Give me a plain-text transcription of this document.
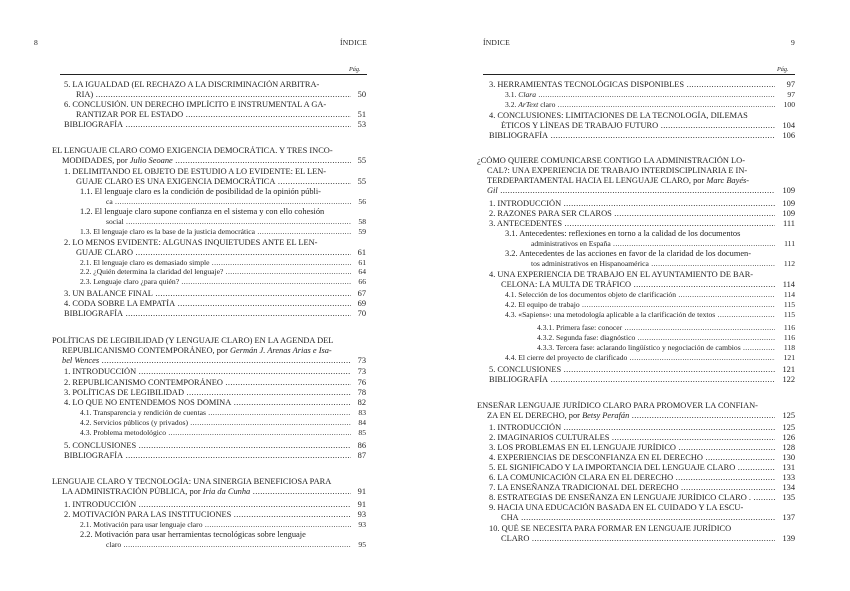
8	ÍNDICE
Pág.
5. LA IGUALDAD (EL RECHAZO A LA DISCRIMINACIÓN ARBITRA-
RIA) .....	50
6. CONCLUSIÓN. UN DERECHO IMPLÍCITO E INSTRUMENTAL A GA-
RANTIZAR POR EL ESTADO .....	51
BIBLIOGRAFÍA .....	53
EL LENGUAJE CLARO COMO EXIGENCIA DEMOCRÁTICA. Y TRES INCO-
MODIDADES, por Julio Seoane .....	55
1. DELIMITANDO EL OBJETO DE ESTUDIO A LO EVIDENTE: EL LEN-
GUAJE CLARO ES UNA EXIGENCIA DEMOCRÁTICA .....	55
1.1. El lenguaje claro es la condición de posibilidad de la opinión públi-
ca .....	56
1.2. El lenguaje claro supone confianza en el sistema y con ello cohesión
social .....	58
1.3. El lenguaje claro es la base de la justicia democrática .....	59
2. LO MENOS EVIDENTE: ALGUNAS INQUIETUDES ANTE EL LEN-
GUAJE CLARO .....	61
2.1. El lenguaje claro es demasiado simple .....	61
2.2. ¿Quién determina la claridad del lenguaje? .....	64
2.3. Lenguaje claro ¿para quién? .....	66
3. UN BALANCE FINAL .....	67
4. CODA SOBRE LA EMPATÍA .....	69
BIBLIOGRAFÍA .....	70
POLÍTICAS DE LEGIBILIDAD (Y LENGUAJE CLARO) EN LA AGENDA DEL
REPUBLICANISMO CONTEMPORÁNEO, por Germán J. Arenas Arias e Isa-
bel Wences .....	73
1. INTRODUCCIÓN .....	73
2. REPUBLICANISMO CONTEMPORÁNEO .....	76
3. POLÍTICAS DE LEGIBILIDAD .....	78
4. LO QUE NO ENTENDEMOS NOS DOMINA .....	82
4.1. Transparencia y rendición de cuentas .....	83
4.2. Servicios públicos (y privados) .....	84
4.3. Problema metodológico .....	85
5. CONCLUSIONES .....	86
BIBLIOGRAFÍA .....	87
LENGUAJE CLARO Y TECNOLOGÍA: UNA SINERGIA BENEFICIOSA PARA
LA ADMINISTRACIÓN PÚBLICA, por Iria da Cunha .....	91
1. INTRODUCCIÓN .....	91
2. MOTIVACIÓN PARA LAS INSTITUCIONES .....	93
2.1. Motivación para usar lenguaje claro .....	93
2.2. Motivación para usar herramientas tecnológicas sobre lenguaje
claro .....	95
ÍNDICE	9
Pág.
3. HERRAMIENTAS TECNOLÓGICAS DISPONIBLES .....	97
3.1. Clara .....	97
3.2. ArText claro .....	100
4. CONCLUSIONES: LIMITACIONES DE LA TECNOLOGÍA, DILEMAS
ÉTICOS Y LÍNEAS DE TRABAJO FUTURO .....	104
BIBLIOGRAFÍA .....	106
¿CÓMO QUIERE COMUNICARSE CONTIGO LA ADMINISTRACIÓN LO-
CAL?: UNA EXPERIENCIA DE TRABAJO INTERDISCIPLINARIA E IN-
TERDEPARTAMENTAL HACIA EL LENGUAJE CLARO, por Marc Bayés-
Gil .....	109
1. INTRODUCCIÓN .....	109
2. RAZONES PARA SER CLAROS .....	109
3. ANTECEDENTES .....	111
3.1. Antecedentes: reflexiones en torno a la calidad de los documentos
administrativos en España .....	111
3.2. Antecedentes de las acciones en favor de la claridad de los documen-
tos administrativos en Hispanoamérica .....	112
4. UNA EXPERIENCIA DE TRABAJO EN EL AYUNTAMIENTO DE BAR-
CELONA: LA MULTA DE TRÁFICO .....	114
4.1. Selección de los documentos objeto de clarificación .....	114
4.2. El equipo de trabajo .....	115
4.3. «Sapiens»: una metodología aplicable a la clarificación de textos .....	115
4.3.1. Primera fase: conocer .....	116
4.3.2. Segunda fase: diagnóstico .....	116
4.3.3. Tercera fase: aclarando lingüístico y negociación de cambios .....	118
4.4. El cierre del proyecto de clarificado .....	121
5. CONCLUSIONES .....	121
BIBLIOGRAFÍA .....	122
ENSEÑAR LENGUAJE JURÍDICO CLARO PARA PROMOVER LA CONFIAN-
ZA EN EL DERECHO, por Betsy Perafán .....	125
1. INTRODUCCIÓN .....	125
2. IMAGINARIOS CULTURALES .....	126
3. LOS PROBLEMAS EN EL LENGUAJE JURÍDICO .....	128
4. EXPERIENCIAS DE DESCONFIANZA EN EL DERECHO .....	130
5. EL SIGNIFICADO Y LA IMPORTANCIA DEL LENGUAJE CLARO .....	131
6. LA COMUNICACIÓN CLARA EN EL DERECHO .....	133
7. LA ENSEÑANZA TRADICIONAL DEL DERECHO .....	134
8. ESTRATEGIAS DE ENSEÑANZA EN LENGUAJE JURÍDICO CLARO . .....	135
9. HACIA UNA EDUCACIÓN BASADA EN EL CUIDADO Y LA ESCU-
CHA .....	137
10. QUÉ SE NECESITA PARA FORMAR EN LENGUAJE JURÍDICO
CLARO .....	139
